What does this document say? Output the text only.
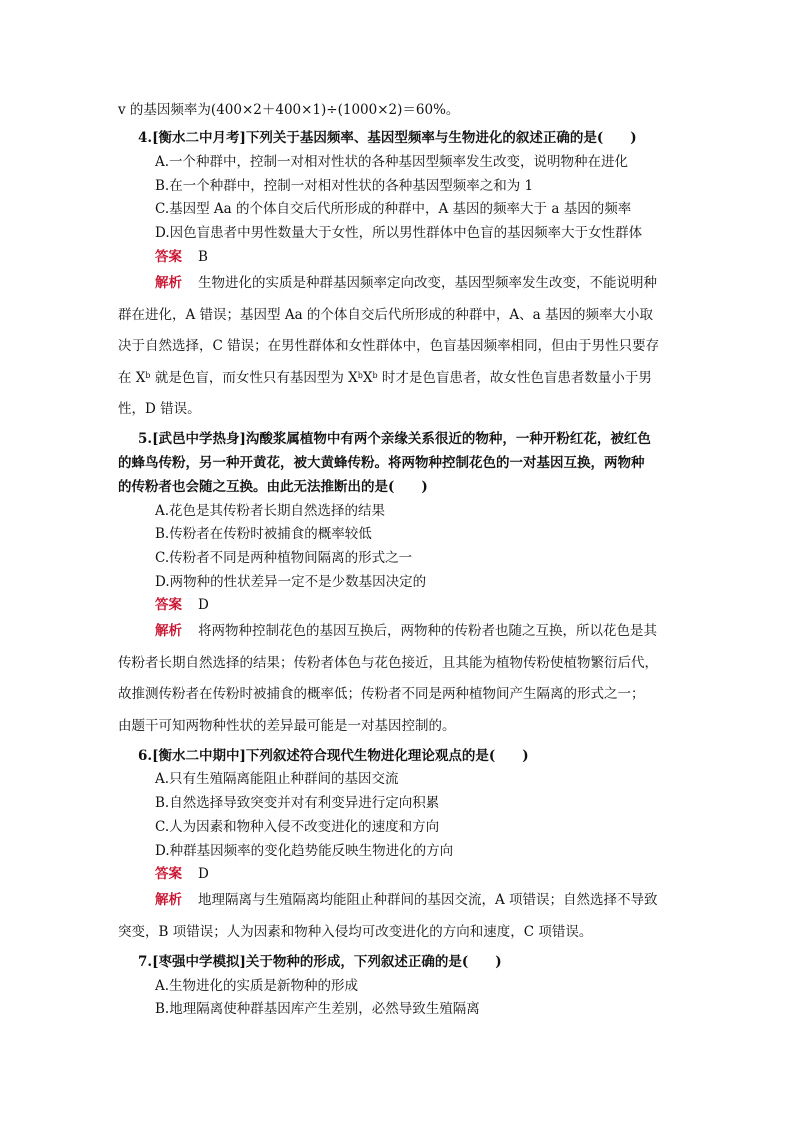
v 的基因频率为(400×2＋400×1)÷(1000×2)＝60%。
4.[衡水二中月考]下列关于基因频率、基因型频率与生物进化的叙述正确的是(　　)
A.一个种群中，控制一对相对性状的各种基因型频率发生改变，说明物种在进化
B.在一个种群中，控制一对相对性状的各种基因型频率之和为 1
C.基因型 Aa 的个体自交后代所形成的种群中，A 基因的频率大于 a 基因的频率
D.因色盲患者中男性数量大于女性，所以男性群体中色盲的基因频率大于女性群体
答案 B
解析 生物进化的实质是种群基因频率定向改变，基因型频率发生改变，不能说明种
群在进化，A 错误；基因型 Aa 的个体自交后代所形成的种群中，A、a 基因的频率大小取
决于自然选择，C 错误；在男性群体和女性群体中，色盲基因频率相同，但由于男性只要存
在 $X^b$ 就是色盲，而女性只有基因型为 $X^bX^b$ 时才是色盲患者，故女性色盲患者数量小于男
性，D 错误。
5.[武邑中学热身]沟酸浆属植物中有两个亲缘关系很近的物种，一种开粉红花，被红色
的蜂鸟传粉，另一种开黄花，被大黄蜂传粉。将两物种控制花色的一对基因互换，两物种
的传粉者也会随之互换。由此无法推断出的是(　　)
A.花色是其传粉者长期自然选择的结果
B.传粉者在传粉时被捕食的概率较低
C.传粉者不同是两种植物间隔离的形式之一
D.两物种的性状差异一定不是少数基因决定的
答案 D
解析 将两物种控制花色的基因互换后，两物种的传粉者也随之互换，所以花色是其
传粉者长期自然选择的结果；传粉者体色与花色接近，且其能为植物传粉使植物繁衍后代，
故推测传粉者在传粉时被捕食的概率低；传粉者不同是两种植物间产生隔离的形式之一；
由题干可知两物种性状的差异最可能是一对基因控制的。
6.[衡水二中期中]下列叙述符合现代生物进化理论观点的是(　　)
A.只有生殖隔离能阻止种群间的基因交流
B.自然选择导致突变并对有利变异进行定向积累
C.人为因素和物种入侵不改变进化的速度和方向
D.种群基因频率的变化趋势能反映生物进化的方向
答案 D
解析 地理隔离与生殖隔离均能阻止种群间的基因交流，A 项错误；自然选择不导致
突变，B 项错误；人为因素和物种入侵均可改变进化的方向和速度，C 项错误。
7.[枣强中学模拟]关于物种的形成，下列叙述正确的是(　　)
A.生物进化的实质是新物种的形成
B.地理隔离使种群基因库产生差别，必然导致生殖隔离
